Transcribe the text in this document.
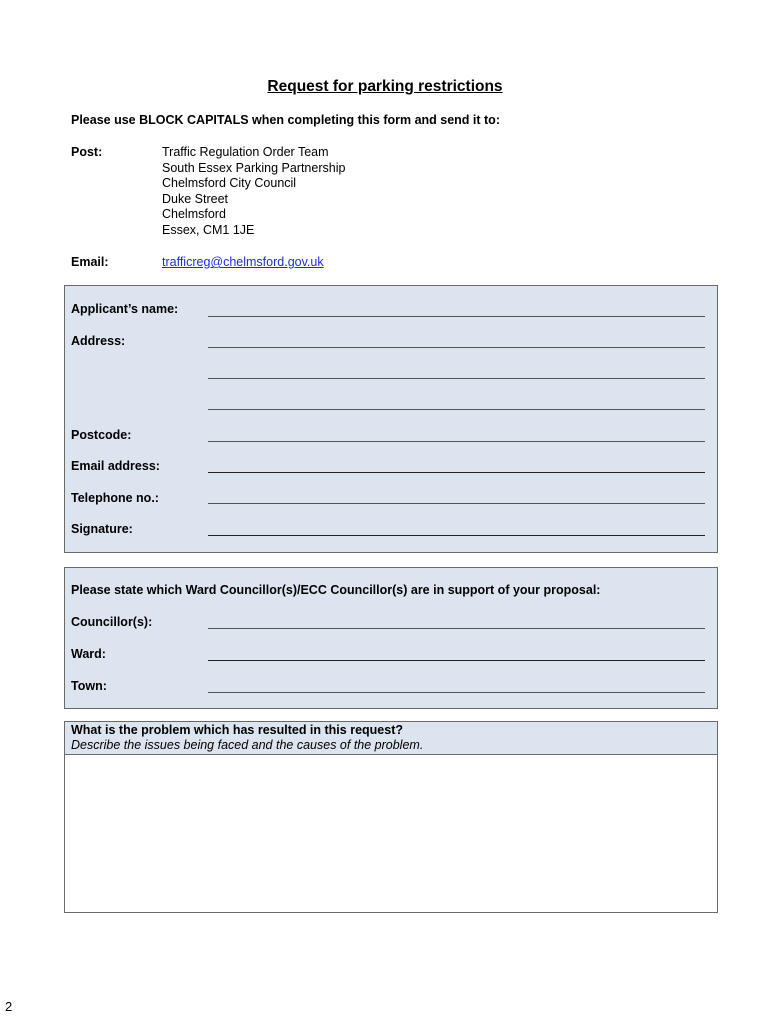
Request for parking restrictions
Please use BLOCK CAPITALS when completing this form and send it to:
Post:	Traffic Regulation Order Team
South Essex Parking Partnership
Chelmsford City Council
Duke Street
Chelmsford
Essex, CM1 1JE
Email:	trafficreg@chelmsford.gov.uk
Applicant’s name:
Address:
Postcode:
Email address:
Telephone no.:
Signature:
Please state which Ward Councillor(s)/ECC Councillor(s) are in support of your proposal:
Councillor(s):
Ward:
Town:
What is the problem which has resulted in this request?
Describe the issues being faced and the causes of the problem.
2
